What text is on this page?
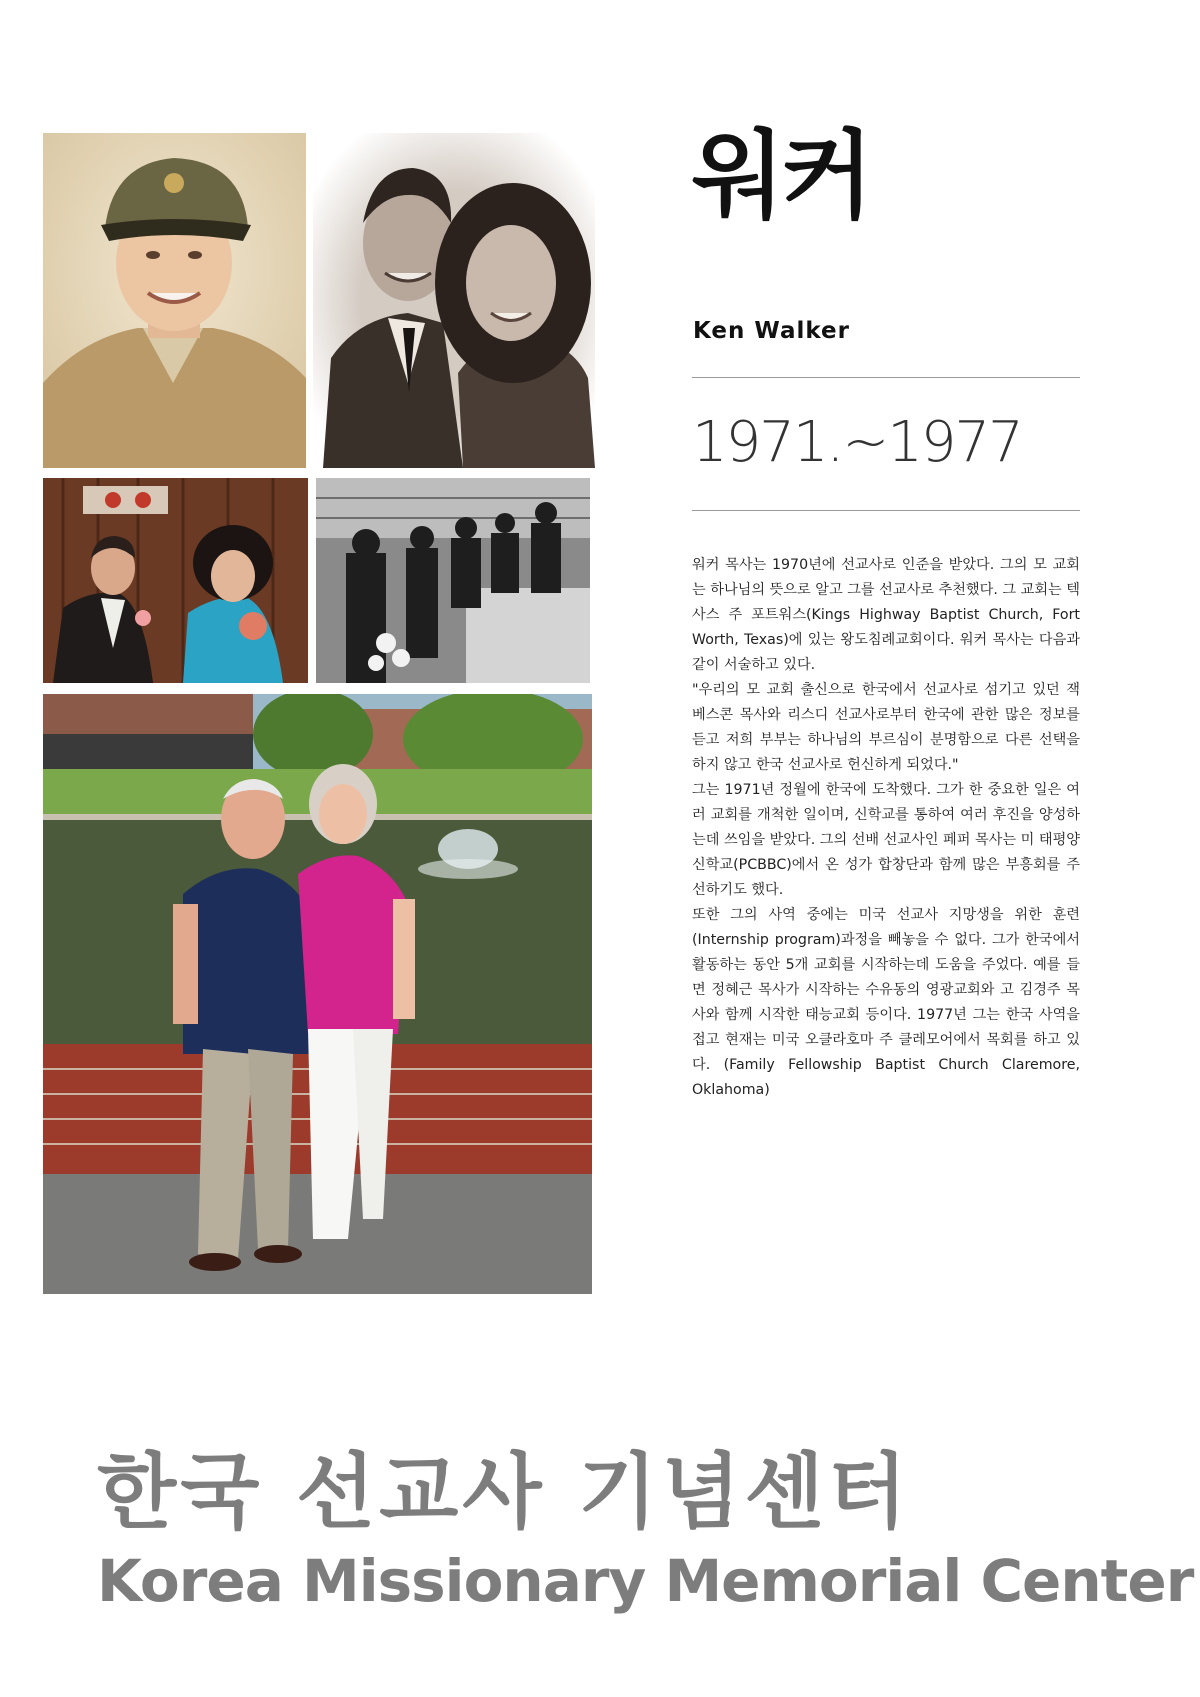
워커
Ken Walker
1971.~1977

워커 목사는 1970년에 선교사로 인준을 받았다. 그의 모 교회는 하나님의 뜻으로 알고 그를 선교사로 추천했다. 그 교회는 텍사스 주 포트워스(Kings Highway Baptist Church, Fort Worth, Texas)에 있는 왕도침례교회이다. 워커 목사는 다음과 같이 서술하고 있다.

"우리의 모 교회 출신으로 한국에서 선교사로 섬기고 있던 잭 베스콘 목사와 리스디 선교사로부터 한국에 관한 많은 정보를 듣고 저희 부부는 하나님의 부르심이 분명함으로 다른 선택을 하지 않고 한국 선교사로 헌신하게 되었다."

그는 1971년 정월에 한국에 도착했다. 그가 한 중요한 일은 여러 교회를 개척한 일이며, 신학교를 통하여 여러 후진을 양성하는데 쓰임을 받았다. 그의 선배 선교사인 페퍼 목사는 미 태평양 신학교(PCBBC)에서 온 성가 합창단과 함께 많은 부흥회를 주선하기도 했다.

또한 그의 사역 중에는 미국 선교사 지망생을 위한 훈련(Internship program)과정을 빼놓을 수 없다. 그가 한국에서 활동하는 동안 5개 교회를 시작하는데 도움을 주었다. 예를 들면 정혜근 목사가 시작하는 수유동의 영광교회와 고 김경주 목사와 함께 시작한 태능교회 등이다. 1977년 그는 한국 사역을 접고 현재는 미국 오클라호마 주 클레모어에서 목회를 하고 있다. (Family Fellowship Baptist Church Claremore, Oklahoma)

한국 선교사 기념센터
Korea Missionary Memorial Center
